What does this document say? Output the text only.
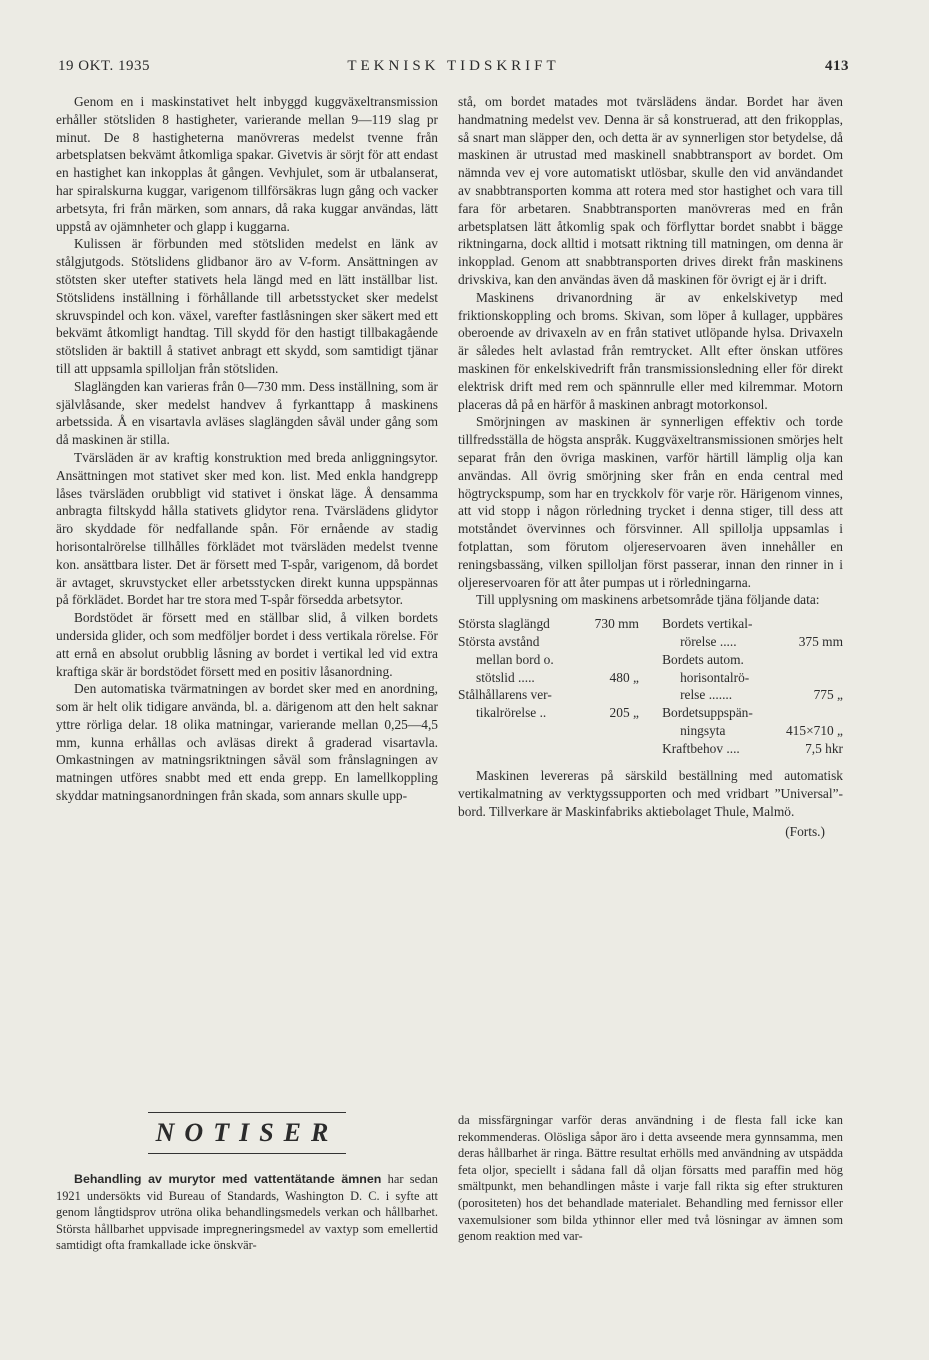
19 OKT. 1935	TEKNISK TIDSKRIFT	413

Genom en i maskinstativet helt inbyggd kuggväxeltransmission erhåller stötsliden 8 hastigheter, varierande mellan 9—119 slag pr minut. De 8 hastigheterna manövreras medelst tvenne från arbetsplatsen bekvämt åtkomliga spakar. Givetvis är sörjt för att endast en hastighet kan inkopplas åt gången. Vevhjulet, som är utbalanserat, har spiralskurna kuggar, varigenom tillförsäkras lugn gång och vacker arbetsyta, fri från märken, som annars, då raka kuggar användas, lätt uppstå av ojämnheter och glapp i kuggarna.

Kulissen är förbunden med stötsliden medelst en länk av stålgjutgods. Stötslidens glidbanor äro av V-form. Ansättningen av stötsten sker utefter stativets hela längd med en lätt inställbar list. Stötslidens inställning i förhållande till arbetsstycket sker medelst skruvspindel och kon. växel, varefter fastlåsningen sker säkert med ett bekvämt åtkomligt handtag. Till skydd för den hastigt tillbakagående stötsliden är baktill å stativet anbragt ett skydd, som samtidigt tjänar till att uppsamla spilloljan från stötsliden.

Slaglängden kan varieras från 0—730 mm. Dess inställning, som är självlåsande, sker medelst handvev å fyrkanttapp å maskinens arbetssida. Å en visartavla avläses slaglängden såväl under gång som då maskinen är stilla.

Tvärsläden är av kraftig konstruktion med breda anliggningsytor. Ansättningen mot stativet sker med kon. list. Med enkla handgrepp låses tvärsläden orubbligt vid stativet i önskat läge. Å densamma anbragta filtskydd hålla stativets glidytor rena. Tvärslädens glidytor äro skyddade för nedfallande spån. För ernående av stadig horisontalrörelse tillhålles förklädet mot tvärsläden medelst tvenne kon. ansättbara lister. Det är försett med T-spår, varigenom, då bordet är avtaget, skruvstycket eller arbetsstycken direkt kunna uppspännas på förklädet. Bordet har tre stora med T-spår försedda arbetsytor.

Bordstödet är försett med en ställbar slid, å vilken bordets undersida glider, och som medföljer bordet i dess vertikala rörelse. För att ernå en absolut orubblig låsning av bordet i vertikal led vid extra kraftiga skär är bordstödet försett med en positiv låsanordning.

Den automatiska tvärmatningen av bordet sker med en anordning, som är helt olik tidigare använda, bl. a. därigenom att den helt saknar yttre rörliga delar. 18 olika matningar, varierande mellan 0,25—4,5 mm, kunna erhållas och avläsas direkt å graderad visartavla. Omkastningen av matningsriktningen såväl som frånslagningen av matningen utföres snabbt med ett enda grepp. En lamellkoppling skyddar matningsanordningen från skada, som annars skulle upp-

stå, om bordet matades mot tvärslädens ändar. Bordet har även handmatning medelst vev. Denna är så konstruerad, att den frikopplas, så snart man släpper den, och detta är av synnerligen stor betydelse, då maskinen är utrustad med maskinell snabbtransport av bordet. Om nämnda vev ej vore automatiskt utlösbar, skulle den vid användandet av snabbtransporten komma att rotera med stor hastighet och vara till fara för arbetaren. Snabbtransporten manövreras med en från arbetsplatsen lätt åtkomlig spak och förflyttar bordet snabbt i bägge riktningarna, dock alltid i motsatt riktning till matningen, om denna är inkopplad. Genom att snabbtransporten drives direkt från maskinens drivskiva, kan den användas även då maskinen för övrigt ej är i drift.

Maskinens drivanordning är av enkelskivetyp med friktionskoppling och broms. Skivan, som löper å kullager, uppbäres oberoende av drivaxeln av en från stativet utlöpande hylsa. Drivaxeln är således helt avlastad från remtrycket. Allt efter önskan utföres maskinen för enkelskivedrift från transmissionsledning eller för direkt elektrisk drift med rem och spännrulle eller med kilremmar. Motorn placeras då på en härför å maskinen anbragt motorkonsol.

Smörjningen av maskinen är synnerligen effektiv och torde tillfredsställa de högsta anspråk. Kuggväxeltransmissionen smörjes helt separat från den övriga maskinen, varför härtill lämplig olja kan användas. All övrig smörjning sker från en enda central med högtryckspump, som har en tryckkolv för varje rör. Härigenom vinnes, att vid stopp i någon rörledning trycket i denna stiger, till dess att motståndet övervinnes och försvinner. All spillolja uppsamlas i fotplattan, som förutom oljereservoaren även innehåller en reningsbassäng, vilken spilloljan först passerar, innan den rinner in i oljereservoaren för att åter pumpas ut i rörledningarna.

Till upplysning om maskinens arbetsområde tjäna följande data:

Största slaglängd	730 mm
Största avstånd
mellan bord o.
stötslid .....	480 „
Stålhållarens ver-
tikalrörelse ..	205 „
Bordets vertikal-
rörelse .....	375 mm
Bordets autom.
horisontalrö-
relse .......	775 „
Bordetsuppspän-
ningsyta	415×710 „
Kraftbehov ....	7,5 hkr

Maskinen levereras på särskild beställning med automatisk vertikalmatning av verktygssupporten och med vridbart ”Universal”-bord. Tillverkare är Maskinfabriks aktiebolaget Thule, Malmö.

(Forts.)
NOTISER

Behandling av murytor med vattentätande ämnen har sedan 1921 undersökts vid Bureau of Standards, Washington D. C. i syfte att genom långtidsprov utröna olika behandlingsmedels verkan och hållbarhet. Största hållbarhet uppvisade impregneringsmedel av vaxtyp som emellertid samtidigt ofta framkallade icke önskvär-

da missfärgningar varför deras användning i de flesta fall icke kan rekommenderas. Olösliga såpor äro i detta avseende mera gynnsamma, men deras hållbarhet är ringa. Bättre resultat erhölls med användning av utspädda feta oljor, speciellt i sådana fall då oljan försatts med paraffin med hög smältpunkt, men behandlingen måste i varje fall rikta sig efter strukturen (porositeten) hos det behandlade materialet. Behandling med fernissor eller vaxemulsioner som bilda ythinnor eller med två lösningar av ämnen som genom reaktion med var-
